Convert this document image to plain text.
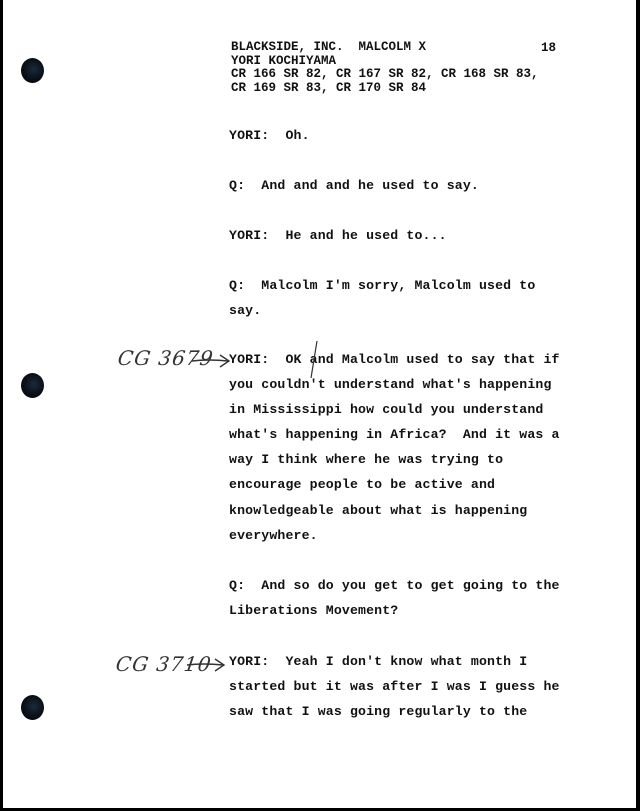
BLACKSIDE, INC.  MALCOLM X
YORI KOCHIYAMA
CR 166 SR 82, CR 167 SR 82, CR 168 SR 83,
CR 169 SR 83, CR 170 SR 84
18
YORI:  Oh.
Q:  And and and he used to say.
YORI:  He and he used to...
Q:  Malcolm I'm sorry, Malcolm used to
say.
YORI:  OK and Malcolm used to say that if
you couldn't understand what's happening
in Mississippi how could you understand
what's happening in Africa?  And it was a
way I think where he was trying to
encourage people to be active and
knowledgeable about what is happening
everywhere.
Q:  And so do you get to get going to the
Liberations Movement?
YORI:  Yeah I don't know what month I
started but it was after I was I guess he
saw that I was going regularly to the
CG 3679
CG 3710
